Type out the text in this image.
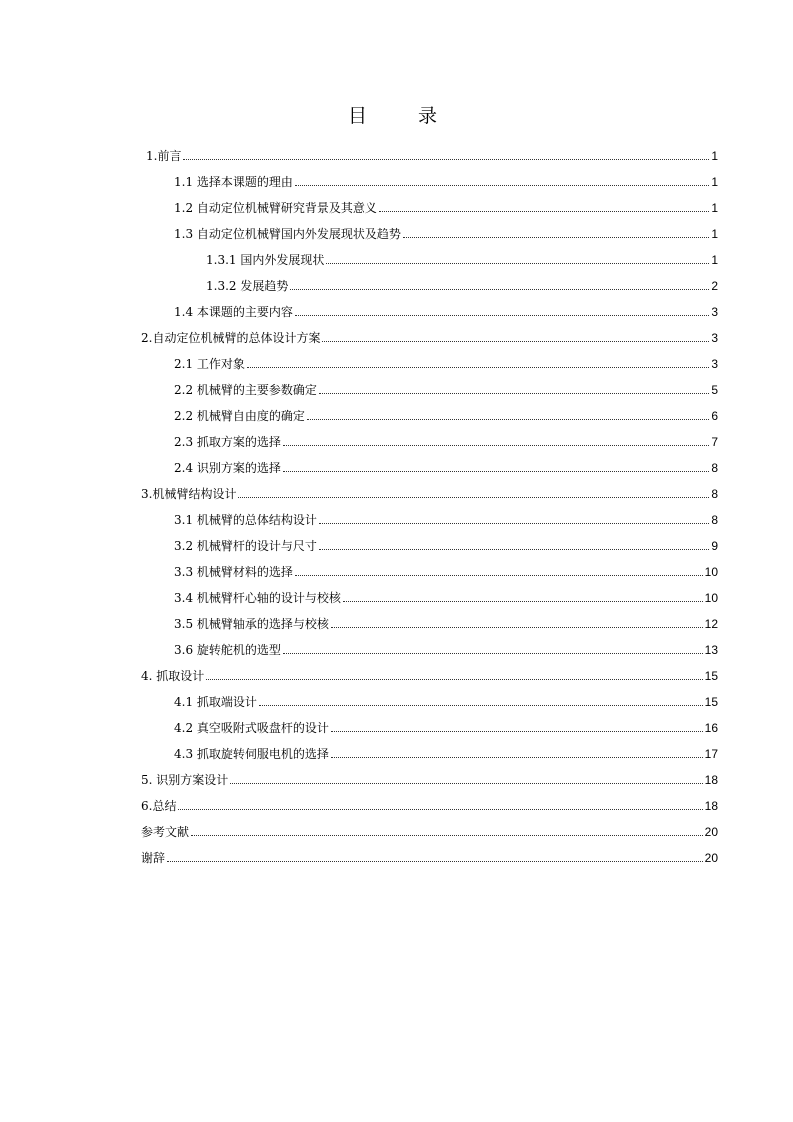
目　录
1.前言	1
1.1 选择本课题的理由	1
1.2 自动定位机械臂研究背景及其意义	1
1.3 自动定位机械臂国内外发展现状及趋势	1
1.3.1 国内外发展现状	1
1.3.2 发展趋势	2
1.4 本课题的主要内容	3
2.自动定位机械臂的总体设计方案	3
2.1 工作对象	3
2.2 机械臂的主要参数确定	5
2.2 机械臂自由度的确定	6
2.3 抓取方案的选择	7
2.4 识别方案的选择	8
3.机械臂结构设计	8
3.1 机械臂的总体结构设计	8
3.2 机械臂杆的设计与尺寸	9
3.3 机械臂材料的选择	10
3.4 机械臂杆心轴的设计与校核	10
3.5 机械臂轴承的选择与校核	12
3.6 旋转舵机的选型	13
4. 抓取设计	15
4.1 抓取端设计	15
4.2 真空吸附式吸盘杆的设计	16
4.3 抓取旋转伺服电机的选择	17
5. 识别方案设计	18
6.总结	18
参考文献	20
谢辞	20
